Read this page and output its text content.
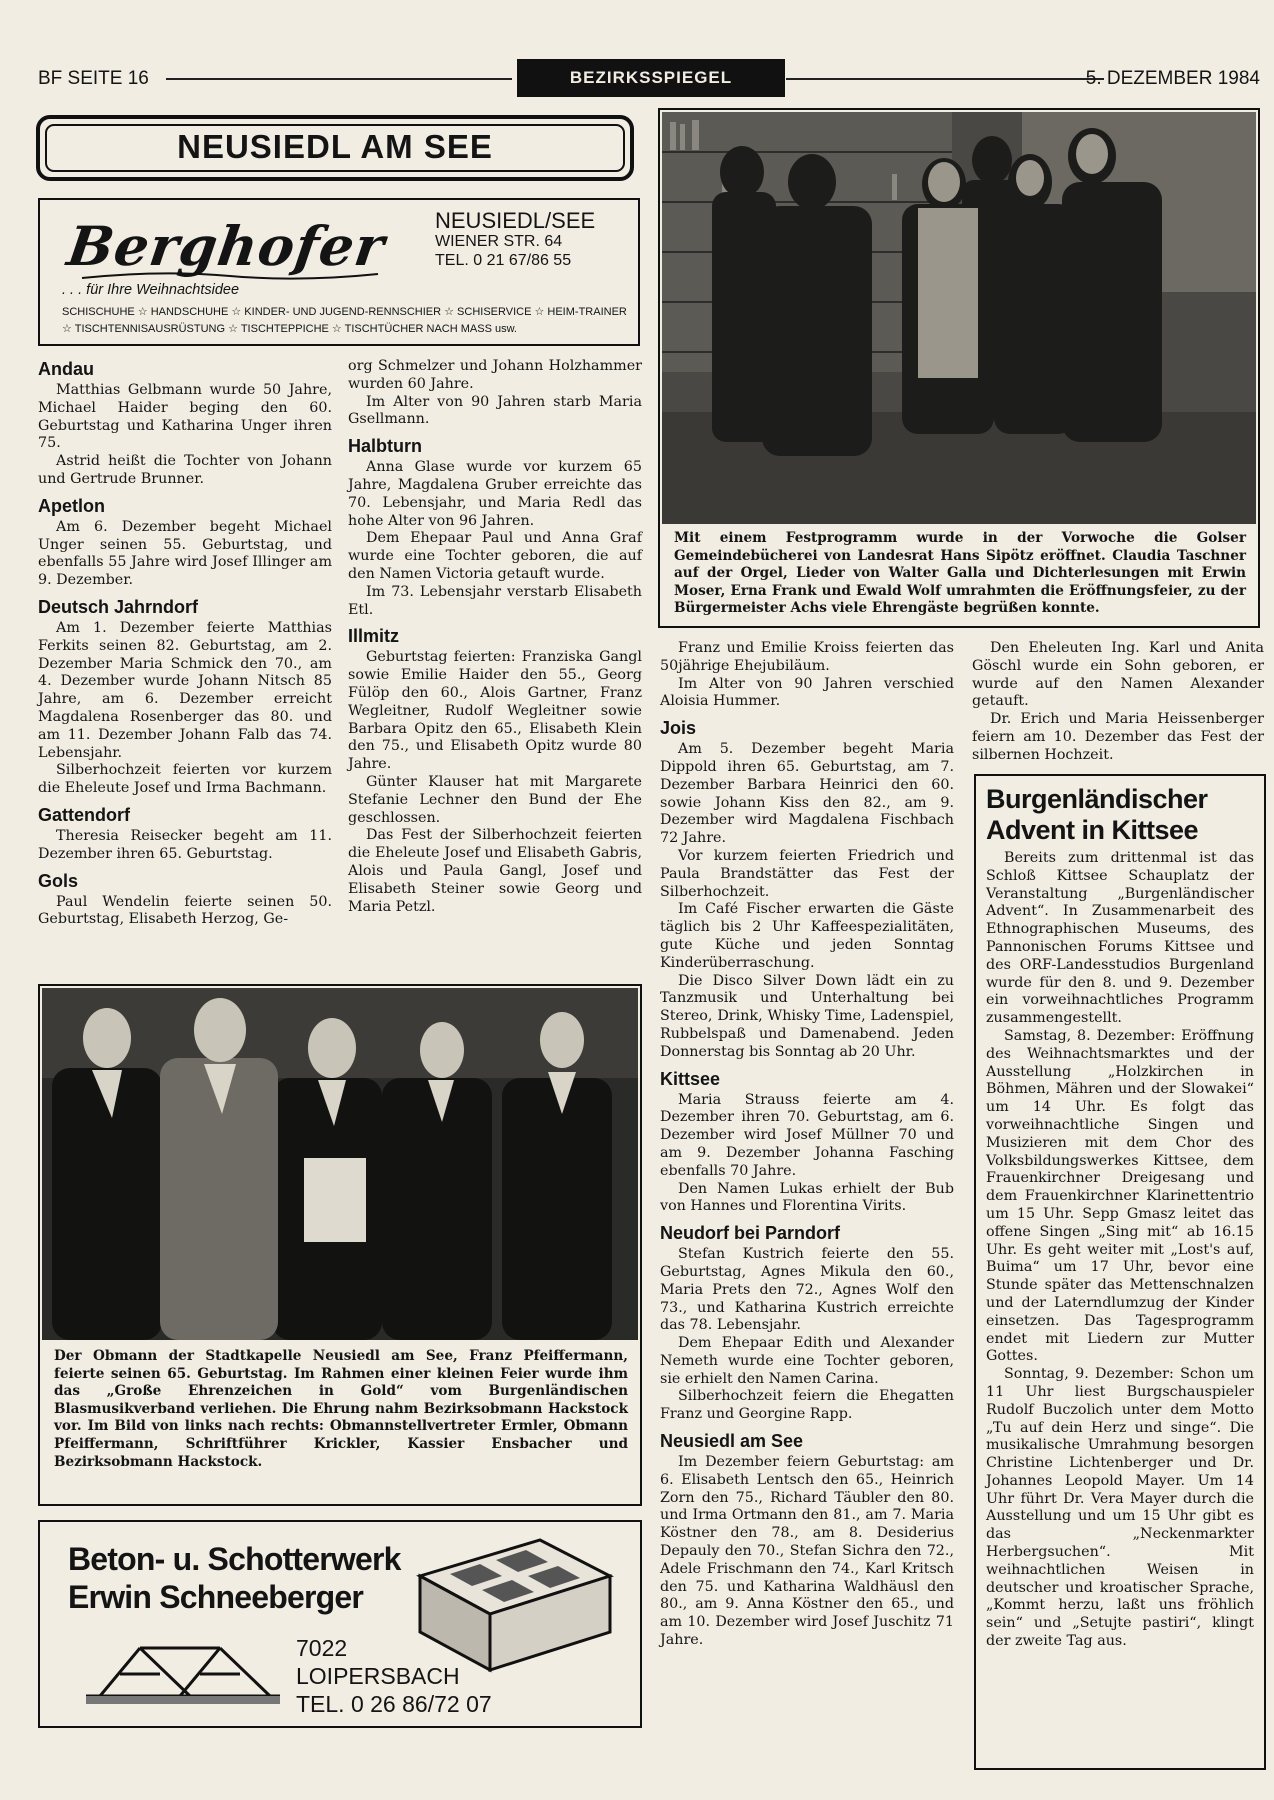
BF SEITE 16	BEZIRKSSPIEGEL	5. DEZEMBER 1984
NEUSIEDL AM SEE
Berghofer
. . . für Ihre Weihnachtsidee
NEUSIEDL/SEE
WIENER STR. 64
TEL. 0 21 67/86 55
SCHISCHUHE ☆ HANDSCHUHE ☆ KINDER- UND JUGEND-RENNSCHIER ☆ SCHISERVICE ☆ HEIM-TRAINER ☆ TISCHTENNISAUSRÜSTUNG ☆ TISCHTEPPICHE ☆ TISCHTÜCHER NACH MASS usw.
Andau

Matthias Gelbmann wurde 50 Jahre, Michael Haider beging den 60. Geburtstag und Katharina Unger ihren 75.

Astrid heißt die Tochter von Johann und Gertrude Brunner.

Apetlon

Am 6. Dezember begeht Michael Unger seinen 55. Geburtstag, und ebenfalls 55 Jahre wird Josef Illinger am 9. Dezember.

Deutsch Jahrndorf

Am 1. Dezember feierte Matthias Ferkits seinen 82. Geburtstag, am 2. Dezember Maria Schmick den 70., am 4. Dezember wurde Johann Nitsch 85 Jahre, am 6. Dezember erreicht Magdalena Rosenberger das 80. und am 11. Dezember Johann Falb das 74. Lebensjahr.

Silberhochzeit feierten vor kurzem die Eheleute Josef und Irma Bachmann.

Gattendorf

Theresia Reisecker begeht am 11. Dezember ihren 65. Geburtstag.

Gols

Paul Wendelin feierte seinen 50. Geburtstag, Elisabeth Herzog, Ge-

org Schmelzer und Johann Holzhammer wurden 60 Jahre.

Im Alter von 90 Jahren starb Maria Gsellmann.

Halbturn

Anna Glase wurde vor kurzem 65 Jahre, Magdalena Gruber erreichte das 70. Lebensjahr, und Maria Redl das hohe Alter von 96 Jahren.

Dem Ehepaar Paul und Anna Graf wurde eine Tochter geboren, die auf den Namen Victoria getauft wurde.

Im 73. Lebensjahr verstarb Elisabeth Etl.

Illmitz

Geburtstag feierten: Franziska Gangl sowie Emilie Haider den 55., Georg Fülöp den 60., Alois Gartner, Franz Wegleitner, Rudolf Wegleitner sowie Barbara Opitz den 65., Elisabeth Klein den 75., und Elisabeth Opitz wurde 80 Jahre.

Günter Klauser hat mit Margarete Stefanie Lechner den Bund der Ehe geschlossen.

Das Fest der Silberhochzeit feierten die Eheleute Josef und Elisabeth Gabris, Alois und Paula Gangl, Josef und Elisabeth Steiner sowie Georg und Maria Petzl.

Mit einem Festprogramm wurde in der Vorwoche die Golser Gemeindebücherei von Landesrat Hans Sipötz eröffnet. Claudia Taschner auf der Orgel, Lieder von Walter Galla und Dichterlesungen mit Erwin Moser, Erna Frank und Ewald Wolf umrahmten die Eröffnungsfeier, zu der Bürgermeister Achs viele Ehrengäste begrüßen konnte.

Franz und Emilie Kroiss feierten das 50jährige Ehejubiläum.

Im Alter von 90 Jahren verschied Aloisia Hummer.

Jois

Am 5. Dezember begeht Maria Dippold ihren 65. Geburtstag, am 7. Dezember Barbara Heinrici den 60. sowie Johann Kiss den 82., am 9. Dezember wird Magdalena Fischbach 72 Jahre.

Vor kurzem feierten Friedrich und Paula Brandstätter das Fest der Silberhochzeit.

Im Café Fischer erwarten die Gäste täglich bis 2 Uhr Kaffeespezialitäten, gute Küche und jeden Sonntag Kinderüberraschung.

Die Disco Silver Down lädt ein zu Tanzmusik und Unterhaltung bei Stereo, Drink, Whisky Time, Ladenspiel, Rubbelspaß und Damenabend. Jeden Donnerstag bis Sonntag ab 20 Uhr.

Kittsee

Maria Strauss feierte am 4. Dezember ihren 70. Geburtstag, am 6. Dezember wird Josef Müllner 70 und am 9. Dezember Johanna Fasching ebenfalls 70 Jahre.

Den Namen Lukas erhielt der Bub von Hannes und Florentina Virits.

Neudorf bei Parndorf

Stefan Kustrich feierte den 55. Geburtstag, Agnes Mikula den 60., Maria Prets den 72., Agnes Wolf den 73., und Katharina Kustrich erreichte das 78. Lebensjahr.

Dem Ehepaar Edith und Alexander Nemeth wurde eine Tochter geboren, sie erhielt den Namen Carina.

Silberhochzeit feiern die Ehegatten Franz und Georgine Rapp.

Neusiedl am See

Im Dezember feiern Geburtstag: am 6. Elisabeth Lentsch den 65., Heinrich Zorn den 75., Richard Täubler den 80. und Irma Ortmann den 81., am 7. Maria Köstner den 78., am 8. Desiderius Depauly den 70., Stefan Sichra den 72., Adele Frischmann den 74., Karl Kritsch den 75. und Katharina Waldhäusl den 80., am 9. Anna Köstner den 65., und am 10. Dezember wird Josef Juschitz 71 Jahre.

Den Eheleuten Ing. Karl und Anita Göschl wurde ein Sohn geboren, er wurde auf den Namen Alexander getauft.

Dr. Erich und Maria Heissenberger feiern am 10. Dezember das Fest der silbernen Hochzeit.

Burgenländischer Advent in Kittsee

Bereits zum drittenmal ist das Schloß Kittsee Schauplatz der Veranstaltung „Burgenländischer Advent“. In Zusammenarbeit des Ethnographischen Museums, des Pannonischen Forums Kittsee und des ORF-Landesstudios Burgenland wurde für den 8. und 9. Dezember ein vorweihnachtliches Programm zusammengestellt.

Samstag, 8. Dezember: Eröffnung des Weihnachtsmarktes und der Ausstellung „Holzkirchen in Böhmen, Mähren und der Slowakei“ um 14 Uhr. Es folgt das vorweihnachtliche Singen und Musizieren mit dem Chor des Volksbildungswerkes Kittsee, dem Frauenkirchner Dreigesang und dem Frauenkirchner Klarinettentrio um 15 Uhr. Sepp Gmasz leitet das offene Singen „Sing mit“ ab 16.15 Uhr. Es geht weiter mit „Lost's auf, Buima“ um 17 Uhr, bevor eine Stunde später das Mettenschnalzen und der Laterndlumzug der Kinder einsetzen. Das Tagesprogramm endet mit Liedern zur Mutter Gottes.

Sonntag, 9. Dezember: Schon um 11 Uhr liest Burgschauspieler Rudolf Buczolich unter dem Motto „Tu auf dein Herz und singe“. Die musikalische Umrahmung besorgen Christine Lichtenberger und Dr. Johannes Leopold Mayer. Um 14 Uhr führt Dr. Vera Mayer durch die Ausstellung und um 15 Uhr gibt es das „Neckenmarkter Herbergsuchen“. Mit weihnachtlichen Weisen in deutscher und kroatischer Sprache, „Kommt herzu, laßt uns fröhlich sein“ und „Setujte pastiri“, klingt der zweite Tag aus.

Der Obmann der Stadtkapelle Neusiedl am See, Franz Pfeiffermann, feierte seinen 65. Geburtstag. Im Rahmen einer kleinen Feier wurde ihm das „Große Ehrenzeichen in Gold“ vom Burgenländischen Blasmusikverband verliehen. Die Ehrung nahm Bezirksobmann Hackstock vor. Im Bild von links nach rechts: Obmannstellvertreter Ermler, Obmann Pfeiffermann, Schriftführer Krickler, Kassier Ensbacher und Bezirksobmann Hackstock.
Beton- u. Schotterwerk
Erwin Schneeberger
7022
LOIPERSBACH
TEL. 0 26 86/72 07
